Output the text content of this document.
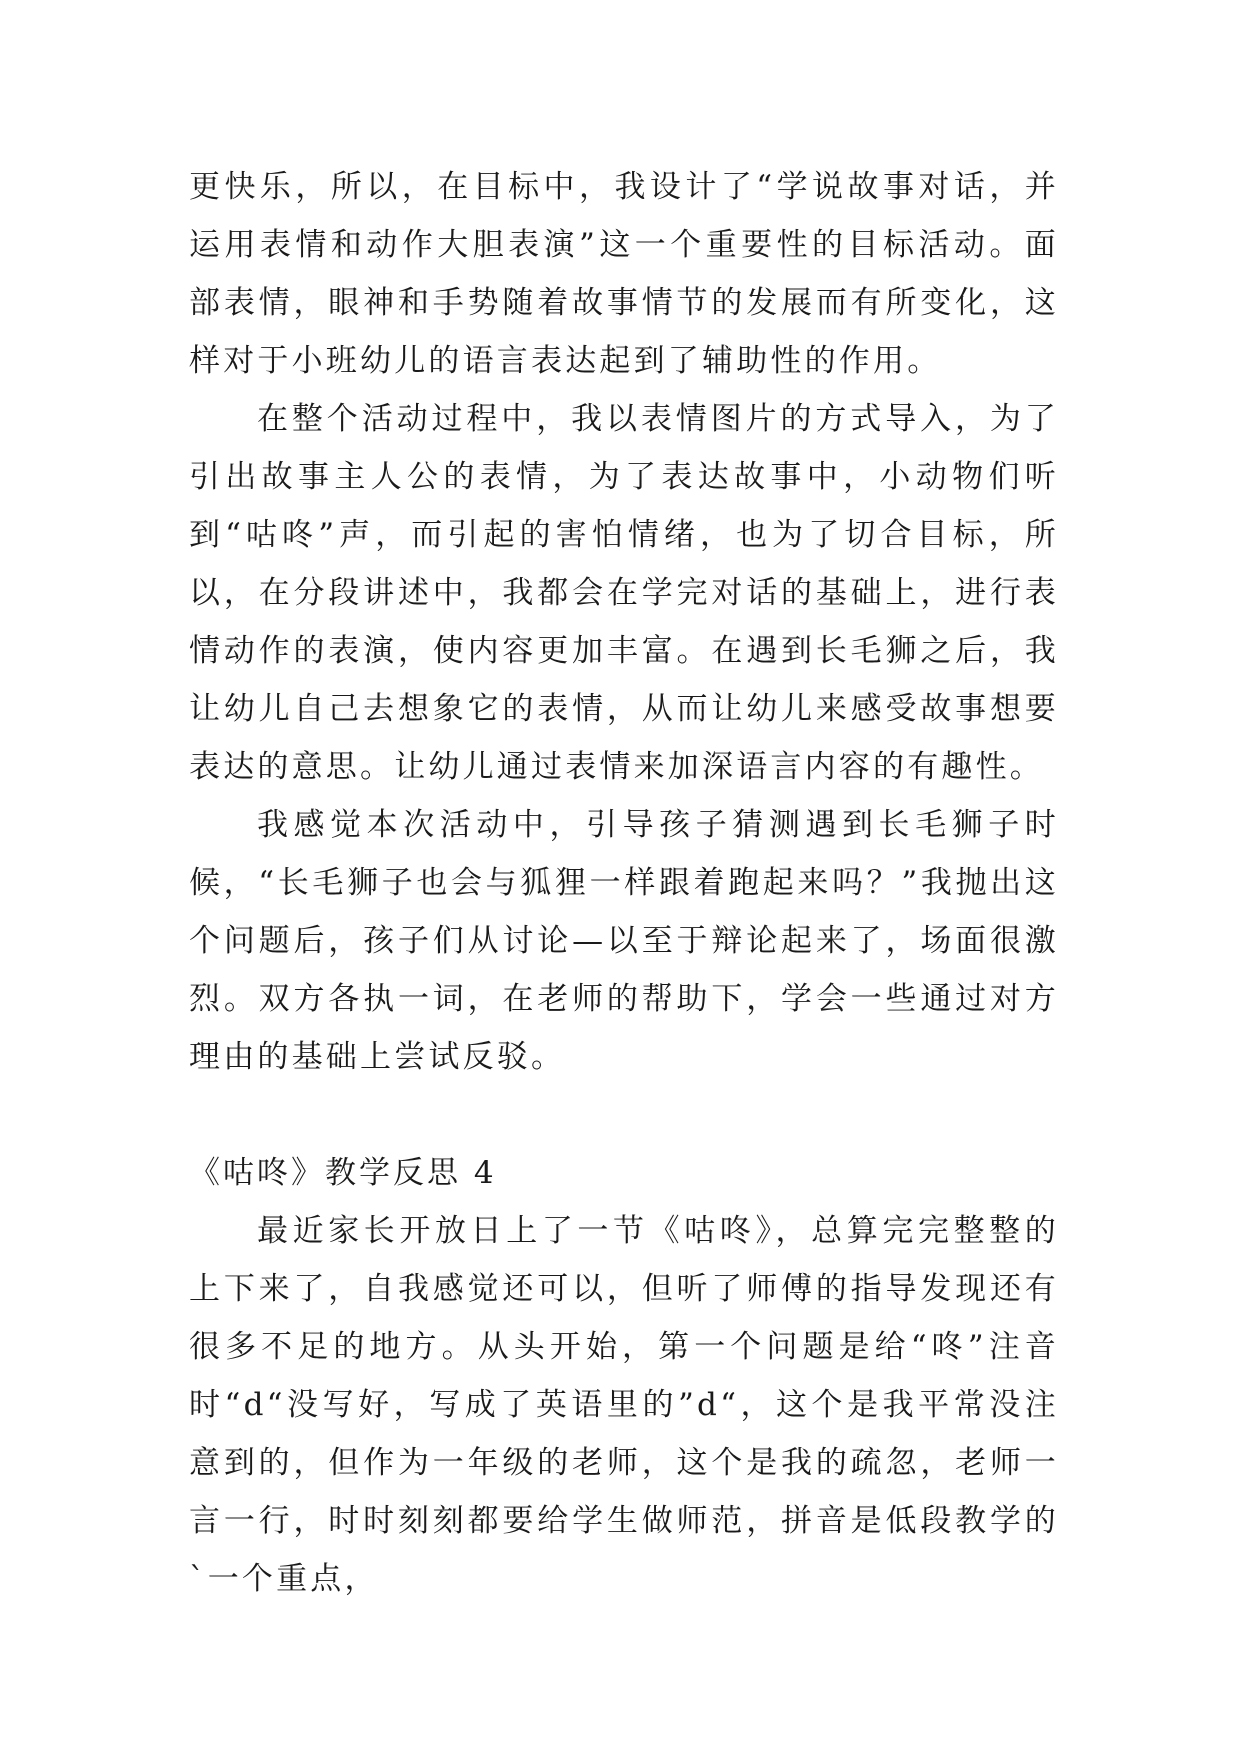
更快乐，所以，在目标中，我设计了“学说故事对话，并运用表情和动作大胆表演”这一个重要性的目标活动。面部表情，眼神和手势随着故事情节的发展而有所变化，这样对于小班幼儿的语言表达起到了辅助性的作用。

在整个活动过程中，我以表情图片的方式导入，为了引出故事主人公的表情，为了表达故事中，小动物们听到“咕咚”声，而引起的害怕情绪，也为了切合目标，所以，在分段讲述中，我都会在学完对话的基础上，进行表情动作的表演，使内容更加丰富。在遇到长毛狮之后，我让幼儿自己去想象它的表情，从而让幼儿来感受故事想要表达的意思。让幼儿通过表情来加深语言内容的有趣性。

我感觉本次活动中，引导孩子猜测遇到长毛狮子时候，“长毛狮子也会与狐狸一样跟着跑起来吗？”我抛出这个问题后，孩子们从讨论—以至于辩论起来了，场面很激烈。双方各执一词，在老师的帮助下，学会一些通过对方理由的基础上尝试反驳。

《咕咚》教学反思 4

最近家长开放日上了一节《咕咚》，总算完完整整的上下来了，自我感觉还可以，但听了师傅的指导发现还有很多不足的地方。从头开始，第一个问题是给“咚”注音时“d“没写好，写成了英语里的”d“，这个是我平常没注意到的，但作为一年级的老师，这个是我的疏忽，老师一言一行，时时刻刻都要给学生做师范，拼音是低段教学的`一个重点，
